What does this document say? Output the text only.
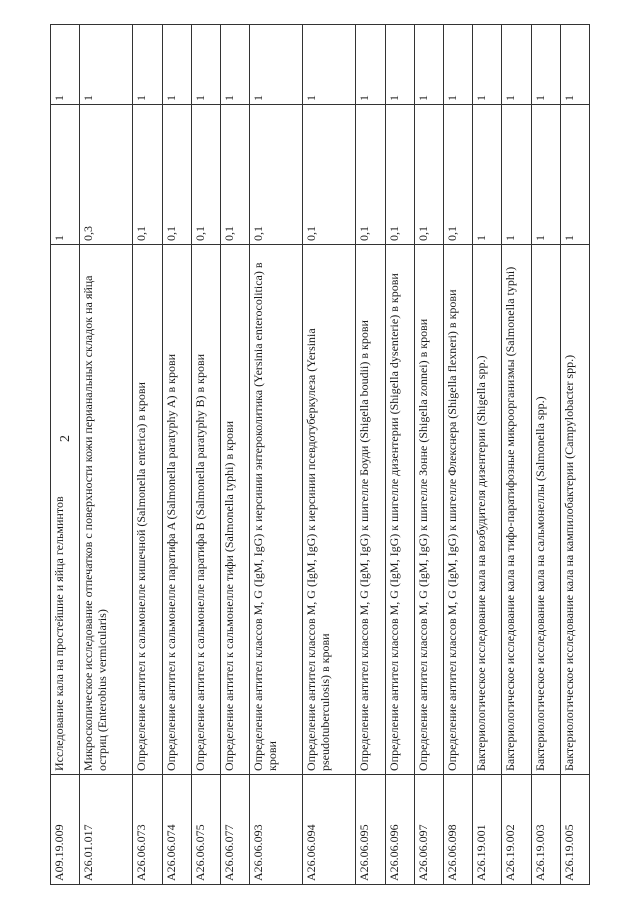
2
A09.19.009	Исследование кала на простейшие и яйца гельминтов	1	1
A26.01.017	Микроскопическое исследование отпечатков с поверхности кожи перианальных складок на яйца остриц (Enterobius vermicularis)	0,3	1
A26.06.073	Определение антител к сальмонелле кишечной (Salmonella enterica) в крови	0,1	1
A26.06.074	Определение антител к сальмонелле паратифа A (Salmonella paratyphy A) в крови	0,1	1
A26.06.075	Определение антител к сальмонелле паратифа B (Salmonella paratyphy B) в крови	0,1	1
A26.06.077	Определение антител к сальмонелле тифи (Salmonella typhi) в крови	0,1	1
A26.06.093	Определение антител классов M, G (IgM, IgG) к иерсинии энтероколитика (Yersinia enterocolitica) в крови	0,1	1
A26.06.094	Определение антител классов M, G (IgM, IgG) к иерсинии псевдотуберкулеза (Yersinia pseudotuberculosis) в крови	0,1	1
A26.06.095	Определение антител классов M, G (IgM, IgG) к шигелле Боуди (Shigella boudii) в крови	0,1	1
A26.06.096	Определение антител классов M, G (IgM, IgG) к шигелле дизентерии (Shigella dysenterie) в крови	0,1	1
A26.06.097	Определение антител классов M, G (IgM, IgG) к шигелле Зонне (Shigella zonnei) в крови	0,1	1
A26.06.098	Определение антител классов M, G (IgM, IgG) к шигелле Флекснера (Shigella flexneri) в крови	0,1	1
A26.19.001	Бактериологическое исследование кала на возбудителя дизентерии (Shigella spp.)	1	1
A26.19.002	Бактериологическое исследование кала на тифо-паратифозные микроорганизмы (Salmonella typhi)	1	1
A26.19.003	Бактериологическое исследование кала на сальмонеллы (Salmonella spp.)	1	1
A26.19.005	Бактериологическое исследование кала на кампилобактерии (Campylobacter spp.)	1	1
